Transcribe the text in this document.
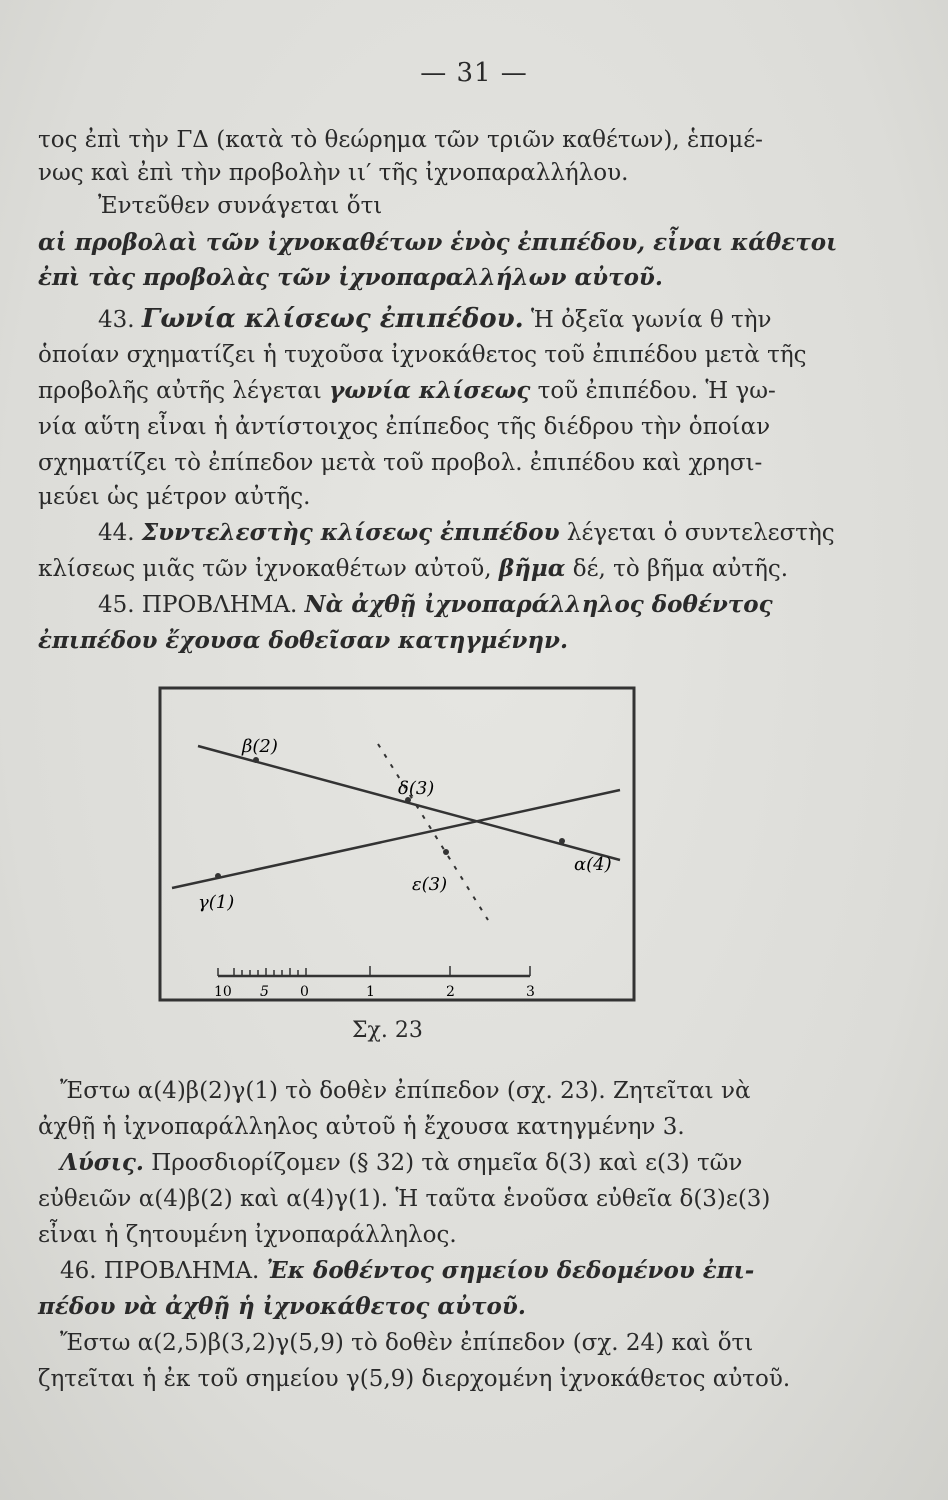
— 31 —
τος ἐπὶ τὴν ΓΔ (κατὰ τὸ θεώρημα τῶν τριῶν καθέτων), ἑπομέ-
νως καὶ ἐπὶ τὴν προβολὴν ιι′ τῆς ἰχνοπαραλλήλου.
Ἐντεῦθεν συνάγεται ὅτι
αἱ προβολαὶ τῶν ἰχνοκαθέτων ἑνὸς ἐπιπέδου, εἶναι κάθετοι
ἐπὶ τὰς προβολὰς τῶν ἰχνοπαραλλήλων αὐτοῦ.
43. Γωνία κλίσεως ἐπιπέδου. Ἡ ὀξεῖα γωνία θ τὴν
ὁποίαν σχηματίζει ἡ τυχοῦσα ἰχνοκάθετος τοῦ ἐπιπέδου μετὰ τῆς
προβολῆς αὐτῆς λέγεται γωνία κλίσεως τοῦ ἐπιπέδου. Ἡ γω-
νία αὕτη εἶναι ἡ ἀντίστοιχος ἐπίπεδος τῆς διέδρου τὴν ὁποίαν
σχηματίζει τὸ ἐπίπεδον μετὰ τοῦ προβολ. ἐπιπέδου καὶ χρησι-
μεύει ὡς μέτρον αὐτῆς.
44. Συντελεστὴς κλίσεως ἐπιπέδου λέγεται ὁ συντελεστὴς
κλίσεως μιᾶς τῶν ἰχνοκαθέτων αὐτοῦ, βῆμα δέ, τὸ βῆμα αὐτῆς.
45. ΠΡΟΒΛΗΜΑ. Νὰ ἀχθῇ ἰχνοπαράλληλος δοθέντος
ἐπιπέδου ἔχουσα δοθεῖσαν κατηγμένην.
β(2)
δ(3)
α(4)
ε(3)
γ(1)
10 5 0	1	2	3
Σχ. 23
Ἔστω α(4)β(2)γ(1) τὸ δοθὲν ἐπίπεδον (σχ. 23). Ζητεῖται νὰ
ἀχθῇ ἡ ἰχνοπαράλληλος αὐτοῦ ἡ ἔχουσα κατηγμένην 3.
Λύσις. Προσδιορίζομεν (§ 32) τὰ σημεῖα δ(3) καὶ ε(3) τῶν
εὐθειῶν α(4)β(2) καὶ α(4)γ(1). Ἡ ταῦτα ἑνοῦσα εὐθεῖα δ(3)ε(3)
εἶναι ἡ ζητουμένη ἰχνοπαράλληλος.
46. ΠΡΟΒΛΗΜΑ. Ἐκ δοθέντος σημείου δεδομένου ἐπι-
πέδου νὰ ἀχθῇ ἡ ἰχνοκάθετος αὐτοῦ.
Ἔστω α(2,5)β(3,2)γ(5,9) τὸ δοθὲν ἐπίπεδον (σχ. 24) καὶ ὅτι
ζητεῖται ἡ ἐκ τοῦ σημείου γ(5,9) διερχομένη ἰχνοκάθετος αὐτοῦ.
